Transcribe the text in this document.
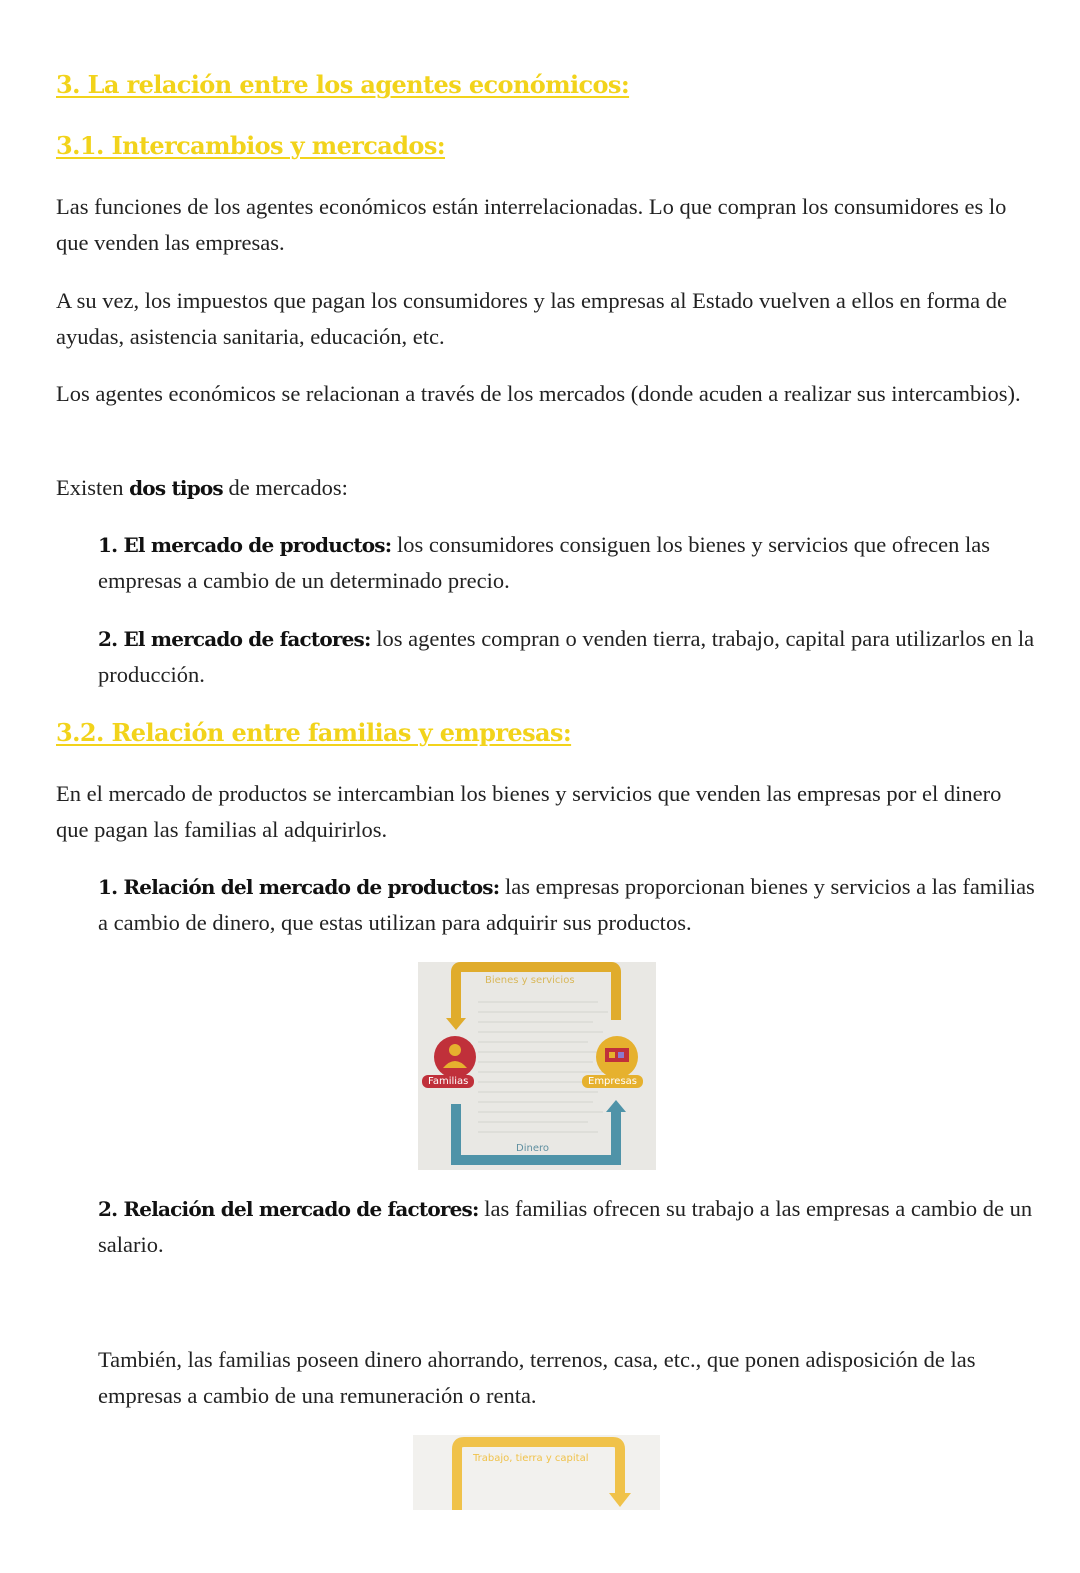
3. La relación entre los agentes económicos:
3.1. Intercambios y mercados:

Las funciones de los agentes económicos están interrelacionadas. Lo que compran los consumidores es lo que venden las empresas.

A su vez, los impuestos que pagan los consumidores y las empresas al Estado vuelven a ellos en forma de ayudas, asistencia sanitaria, educación, etc.

Los agentes económicos se relacionan a través de los mercados (donde acuden a realizar sus intercambios).

Existen dos tipos de mercados:

1. El mercado de productos: los consumidores consiguen los bienes y servicios que ofrecen las empresas a cambio de un determinado precio.

2. El mercado de factores: los agentes compran o venden tierra, trabajo, capital para utilizarlos en la producción.

3.2. Relación entre familias y empresas:

En el mercado de productos se intercambian los bienes y servicios que venden las empresas por el dinero que pagan las familias al adquirirlos.

1. Relación del mercado de productos: las empresas proporcionan bienes y servicios a las familias a cambio de dinero, que estas utilizan para adquirir sus productos.

Bienes y servicios
Dinero
Familias	Empresas

2. Relación del mercado de factores: las familias ofrecen su trabajo a las empresas a cambio de un salario.

También, las familias poseen dinero ahorrando, terrenos, casa, etc., que ponen adisposición de las empresas a cambio de una remuneración o renta.

Trabajo, tierra y capital
